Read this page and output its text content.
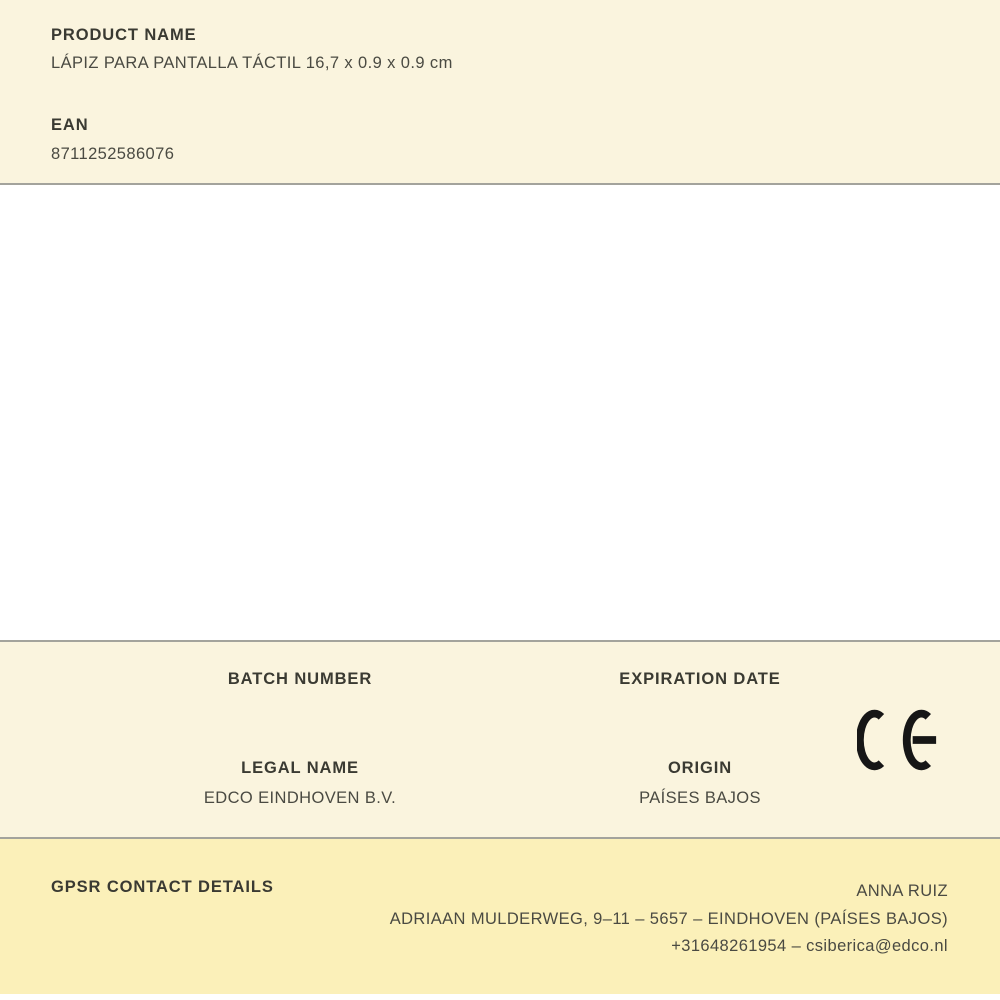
PRODUCT NAME
LÁPIZ PARA PANTALLA TÁCTIL 16,7 x 0.9 x 0.9 cm
EAN
8711252586076
BATCH NUMBER	EXPIRATION DATE
LEGAL NAME
EDCO EINDHOVEN B.V.
ORIGIN
PAÍSES BAJOS
GPSR CONTACT DETAILS	ANNA RUIZ
ADRIAAN MULDERWEG, 9–11 – 5657 – EINDHOVEN (PAÍSES BAJOS)
+31648261954 – csiberica@edco.nl
